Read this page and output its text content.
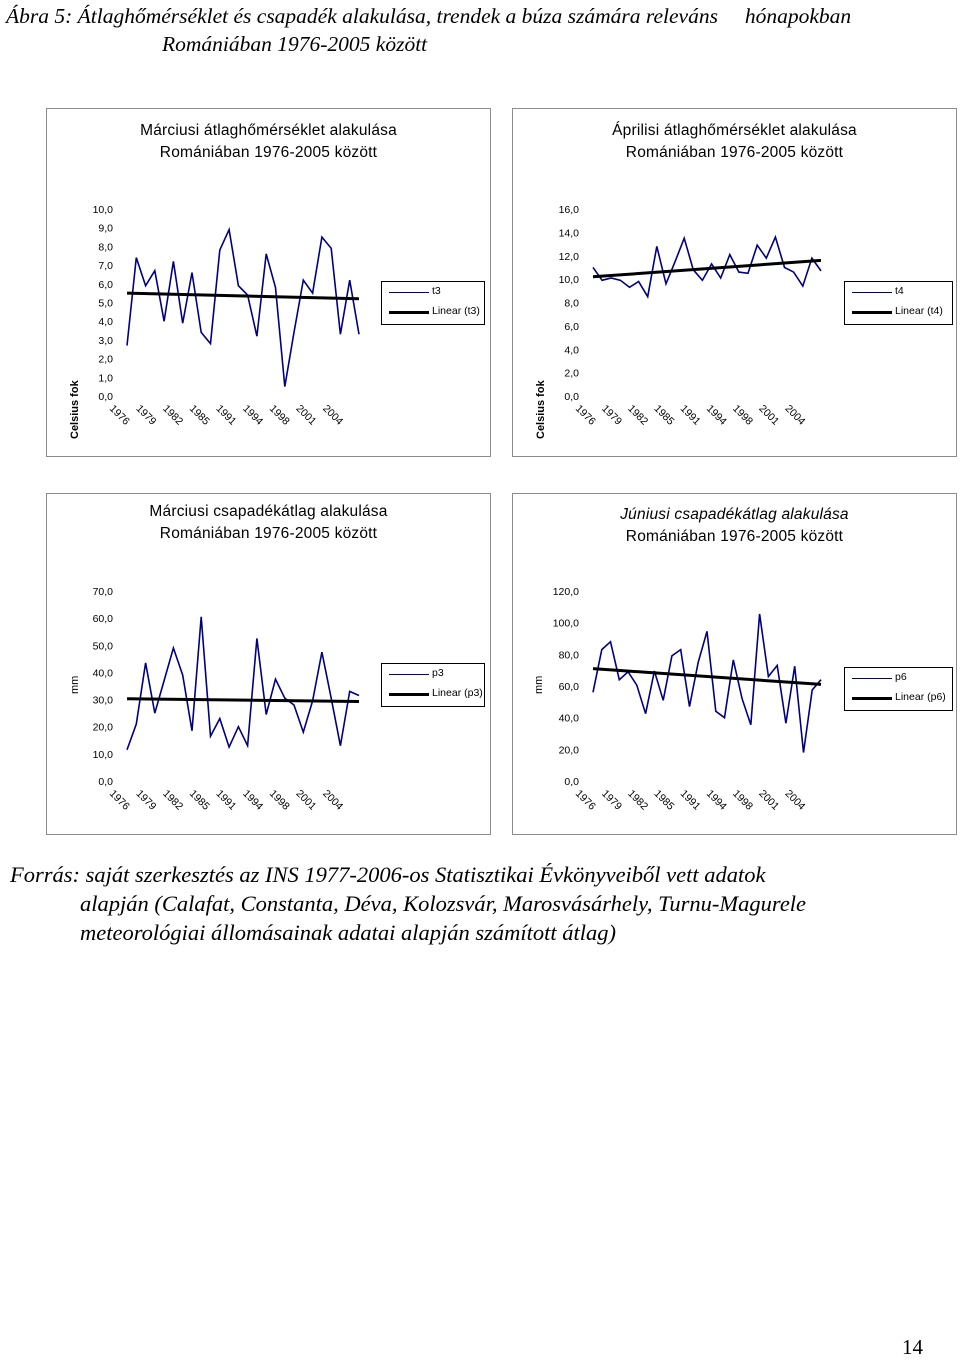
Ábra 5: Átlaghőmérséklet és csapadék alakulása, trendek a búza számára releváns     hónapokban
Romániában 1976-2005 között
Márciusi átlaghőmérséklet alakulása
Romániában 1976-2005 között
Celsius fok 0,0
1,0
2,0
3,0
4,0
5,0
6,0
7,0
8,0
9,0
10,0
1976 1979 1982 1985 1991 1994 1998 2001 2004
t3
Linear (t3)
Áprilisi átlaghőmérséklet alakulása
Romániában 1976-2005 között
Celsius fok 0,0
2,0
4,0
6,0
8,0
10,0
12,0
14,0
16,0
1976 1979 1982 1985 1991 1994 1998 2001 2004
t4
Linear (t4)
Márciusi csapadékátlag alakulása
Romániában 1976-2005 között
mm
0,0
10,0
20,0
30,0
40,0
50,0
60,0
70,0
1976 1979 1982 1985 1991 1994 1998 2001 2004
p3
Linear (p3)
Júniusi csapadékátlag alakulása
Romániában 1976-2005 között
mm
0,0
20,0
40,0
60,0
80,0
100,0
120,0
1976 1979 1982 1985 1991 1994 1998 2001 2004
p6
Linear (p6)
Forrás: saját szerkesztés az INS 1977-2006-os Statisztikai Évkönyveiből vett adatok
alapján (Calafat, Constanta, Déva, Kolozsvár, Marosvásárhely, Turnu-Magurele
meteorológiai állomásainak adatai alapján számított átlag)
14
